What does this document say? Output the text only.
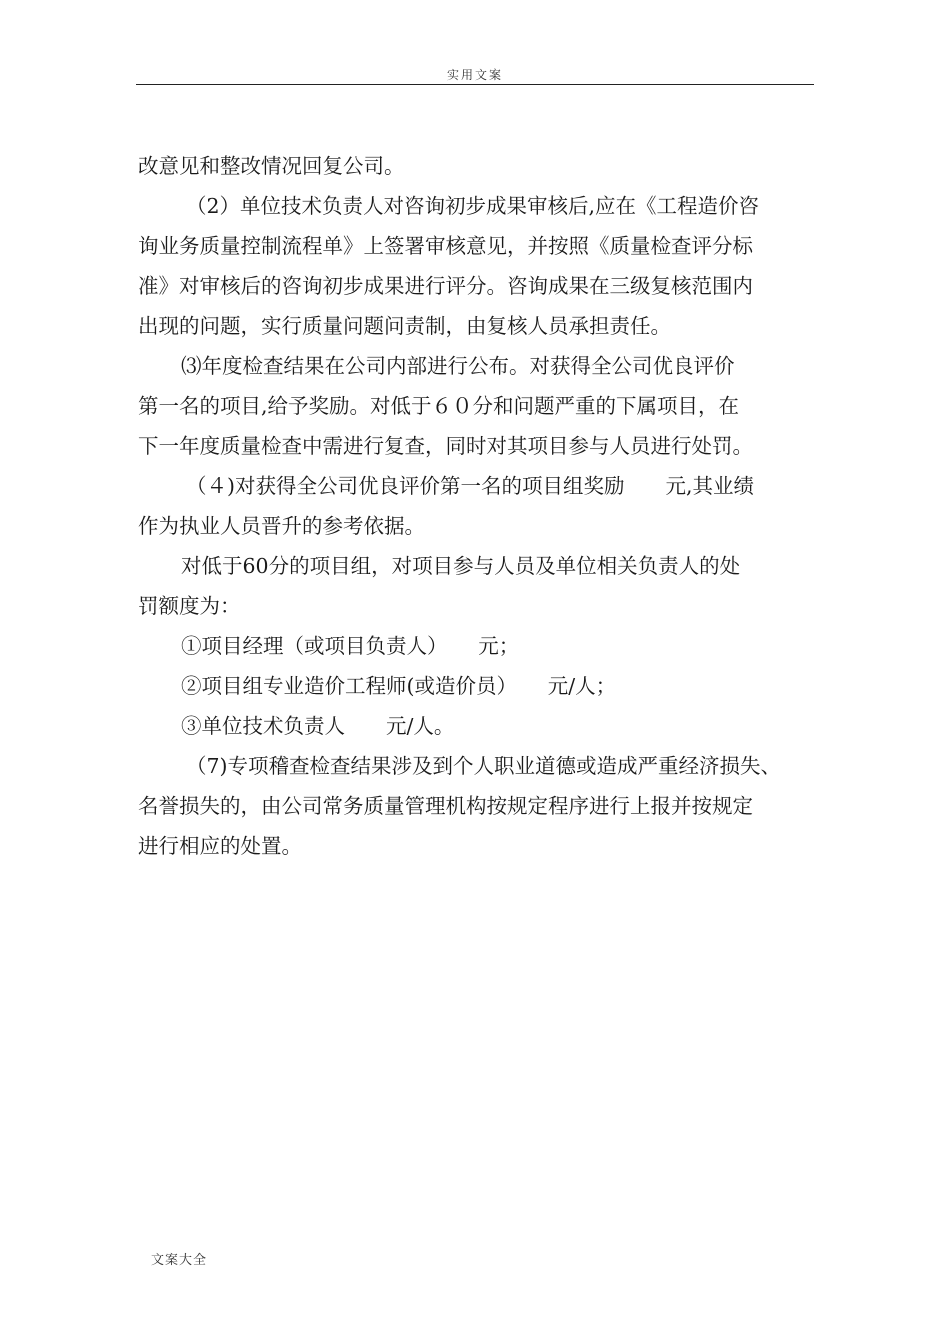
实用文案

改意见和整改情况回复公司。

（2）单位技术负责人对咨询初步成果审核后,应在《工程造价咨

询业务质量控制流程单》上签署审核意见，并按照《质量检查评分标

准》对审核后的咨询初步成果进行评分。咨询成果在三级复核范围内

出现的问题，实行质量问题问责制，由复核人员承担责任。

⑶年度检查结果在公司内部进行公布。对获得全公司优良评价

第一名的项目,给予奖励。对低于６０分和问题严重的下属项目，在

下一年度质量检查中需进行复查，同时对其项目参与人员进行处罚。

（４)对获得全公司优良评价第一名的项目组奖励　　元,其业绩

作为执业人员晋升的参考依据。

对低于60分的项目组，对项目参与人员及单位相关负责人的处

罚额度为：

①项目经理（或项目负责人）　　元；

②项目组专业造价工程师(或造价员）　　元/人；

③单位技术负责人　　元/人。

（7)专项稽查检查结果涉及到个人职业道德或造成严重经济损失、

名誉损失的，由公司常务质量管理机构按规定程序进行上报并按规定

进行相应的处置。

文案大全
